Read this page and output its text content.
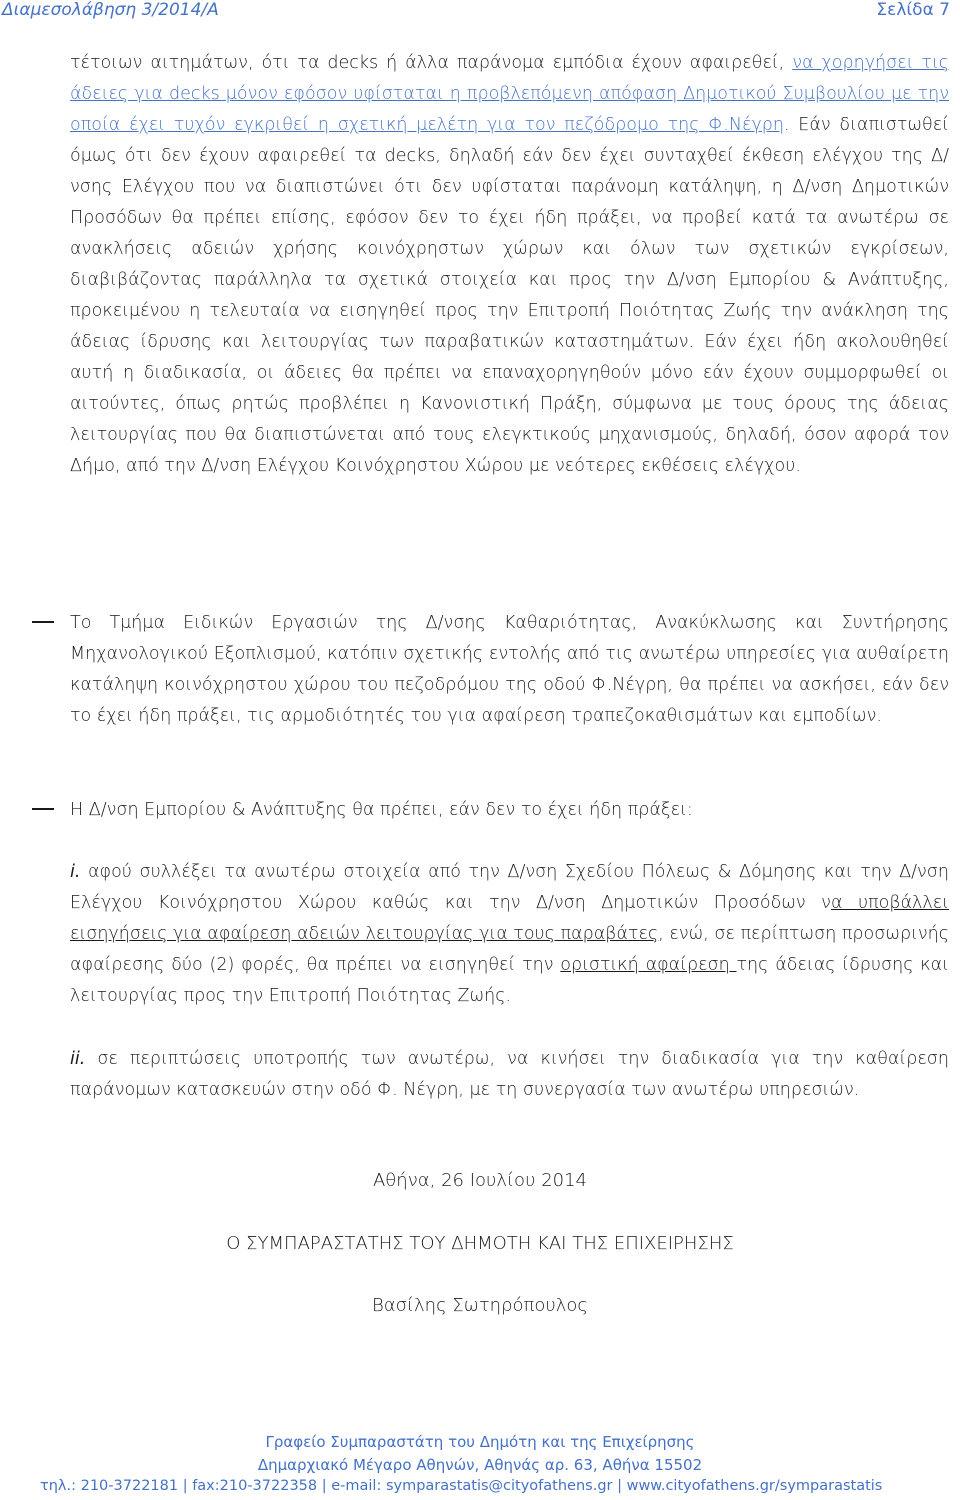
Διαμεσολάβηση 3/2014/Α	Σελίδα 7
τέτοιων αιτημάτων, ότι τα decks ή άλλα παράνομα εμπόδια έχουν αφαιρεθεί, να χορηγήσει τις άδειες για decks μόνον εφόσον υφίσταται η προβλεπόμενη απόφαση Δημοτικού Συμβουλίου με την οποία έχει τυχόν εγκριθεί η σχετική μελέτη για τον πεζόδρομο της Φ.Νέγρη. Εάν διαπιστωθεί όμως ότι δεν έχουν αφαιρεθεί τα decks, δηλαδή εάν δεν έχει συνταχθεί έκθεση ελέγχου της Δ/νσης Ελέγχου που να διαπιστώνει ότι δεν υφίσταται παράνομη κατάληψη, η Δ/νση Δημοτικών Προσόδων θα πρέπει επίσης, εφόσον δεν το έχει ήδη πράξει, να προβεί κατά τα ανωτέρω σε ανακλήσεις αδειών χρήσης κοινόχρηστων χώρων και όλων των σχετικών εγκρίσεων, διαβιβάζοντας παράλληλα τα σχετικά στοιχεία και προς την Δ/νση Εμπορίου & Ανάπτυξης, προκειμένου η τελευταία να εισηγηθεί προς την Επιτροπή Ποιότητας Ζωής την ανάκληση της άδειας ίδρυσης και λειτουργίας των παραβατικών καταστημάτων. Εάν έχει ήδη ακολουθηθεί αυτή η διαδικασία, οι άδειες θα πρέπει να επαναχορηγηθούν μόνο εάν έχουν συμμορφωθεί οι αιτούντες, όπως ρητώς προβλέπει η Κανονιστική Πράξη, σύμφωνα με τους όρους της άδειας λειτουργίας που θα διαπιστώνεται από τους ελεγκτικούς μηχανισμούς, δηλαδή, όσον αφορά τον Δήμο, από την Δ/νση Ελέγχου Κοινόχρηστου Χώρου με νεότερες εκθέσεις ελέγχου.
Το Τμήμα Ειδικών Εργασιών της Δ/νσης Καθαριότητας, Ανακύκλωσης και Συντήρησης Μηχανολογικού Εξοπλισμού, κατόπιν σχετικής εντολής από τις ανωτέρω υπηρεσίες για αυθαίρετη κατάληψη κοινόχρηστου χώρου του πεζοδρόμου της οδού Φ.Νέγρη, θα πρέπει να ασκήσει, εάν δεν το έχει ήδη πράξει, τις αρμοδιότητές του για αφαίρεση τραπεζοκαθισμάτων και εμποδίων.
Η Δ/νση Εμπορίου & Ανάπτυξης θα πρέπει, εάν δεν το έχει ήδη πράξει:
i. αφού συλλέξει τα ανωτέρω στοιχεία από την Δ/νση Σχεδίου Πόλεως & Δόμησης και την Δ/νση Ελέγχου Κοινόχρηστου Χώρου καθώς και την Δ/νση Δημοτικών Προσόδων να υποβάλλει εισηγήσεις για αφαίρεση αδειών λειτουργίας για τους παραβάτες, ενώ, σε περίπτωση προσωρινής αφαίρεσης δύο (2) φορές, θα πρέπει να εισηγηθεί την οριστική αφαίρεση της άδειας ίδρυσης και λειτουργίας προς την Επιτροπή Ποιότητας Ζωής.
ii. σε περιπτώσεις υποτροπής των ανωτέρω, να κινήσει την διαδικασία για την καθαίρεση παράνομων κατασκευών στην οδό Φ. Νέγρη, με τη συνεργασία των ανωτέρω υπηρεσιών.
Αθήνα, 26 Ιουλίου 2014
Ο ΣΥΜΠΑΡΑΣΤΑΤΗΣ ΤΟΥ ΔΗΜΟΤΗ ΚΑΙ ΤΗΣ ΕΠΙΧΕΙΡΗΣΗΣ
Βασίλης Σωτηρόπουλος
Γραφείο Συμπαραστάτη του Δημότη και της Επιχείρησης
Δημαρχιακό Μέγαρο Αθηνών, Αθηνάς αρ. 63, Αθήνα 15502
τηλ.: 210-3722181 | fax:210-3722358 | e-mail: symparastatis@cityofathens.gr | www.cityofathens.gr/symparastatis
